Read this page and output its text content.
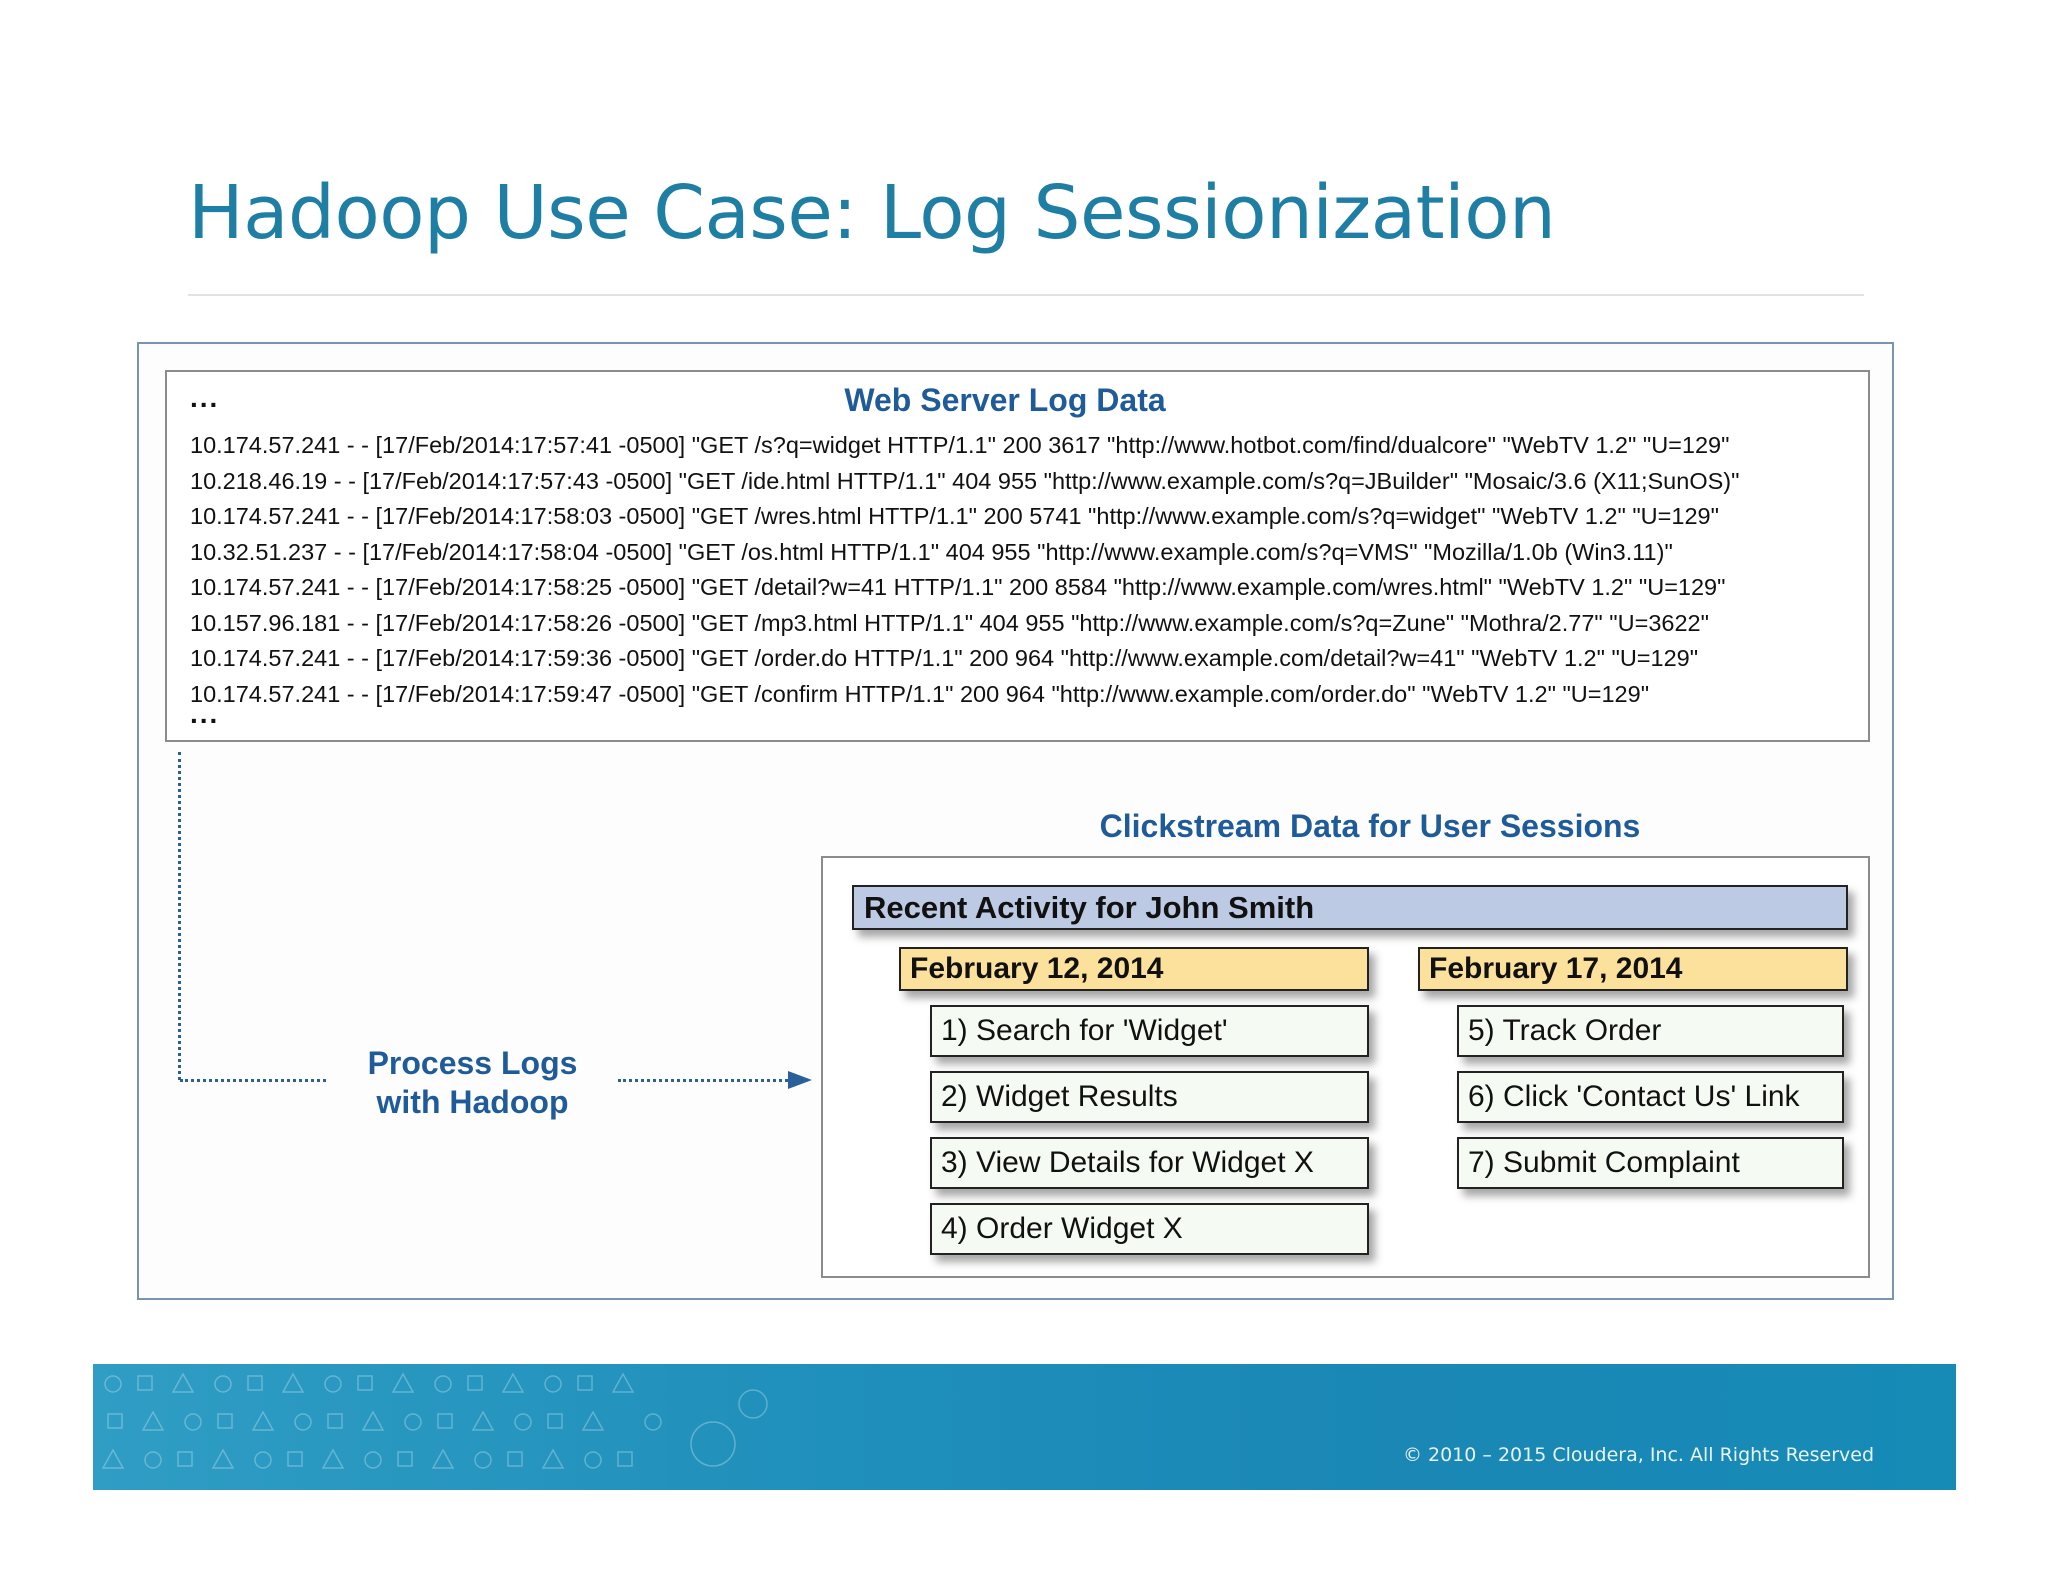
Hadoop Use Case: Log Sessionization
...	Web Server Log Data
10.174.57.241 - - [17/Feb/2014:17:57:41 -0500] "GET /s?q=widget HTTP/1.1" 200 3617 "http://www.hotbot.com/find/dualcore" "WebTV 1.2" "U=129"
10.218.46.19 - - [17/Feb/2014:17:57:43 -0500] "GET /ide.html HTTP/1.1" 404 955 "http://www.example.com/s?q=JBuilder" "Mosaic/3.6 (X11;SunOS)"
10.174.57.241 - - [17/Feb/2014:17:58:03 -0500] "GET /wres.html HTTP/1.1" 200 5741 "http://www.example.com/s?q=widget" "WebTV 1.2" "U=129"
10.32.51.237 - - [17/Feb/2014:17:58:04 -0500] "GET /os.html HTTP/1.1" 404 955 "http://www.example.com/s?q=VMS" "Mozilla/1.0b (Win3.11)"
10.174.57.241 - - [17/Feb/2014:17:58:25 -0500] "GET /detail?w=41 HTTP/1.1" 200 8584 "http://www.example.com/wres.html" "WebTV 1.2" "U=129"
10.157.96.181 - - [17/Feb/2014:17:58:26 -0500] "GET /mp3.html HTTP/1.1" 404 955 "http://www.example.com/s?q=Zune" "Mothra/2.77" "U=3622"
10.174.57.241 - - [17/Feb/2014:17:59:36 -0500] "GET /order.do HTTP/1.1" 200 964 "http://www.example.com/detail?w=41" "WebTV 1.2" "U=129"
10.174.57.241 - - [17/Feb/2014:17:59:47 -0500] "GET /confirm HTTP/1.1" 200 964 "http://www.example.com/order.do" "WebTV 1.2" "U=129"
...
Process Logs
with Hadoop
Clickstream Data for User Sessions
Recent Activity for John Smith
February 12, 2014	February 17, 2014
1) Search for 'Widget'
2) Widget Results
3) View Details for Widget X
4) Order Widget X
5) Track Order
6) Click 'Contact Us' Link
7) Submit Complaint
© 2010 – 2015 Cloudera, Inc. All Rights Reserved
